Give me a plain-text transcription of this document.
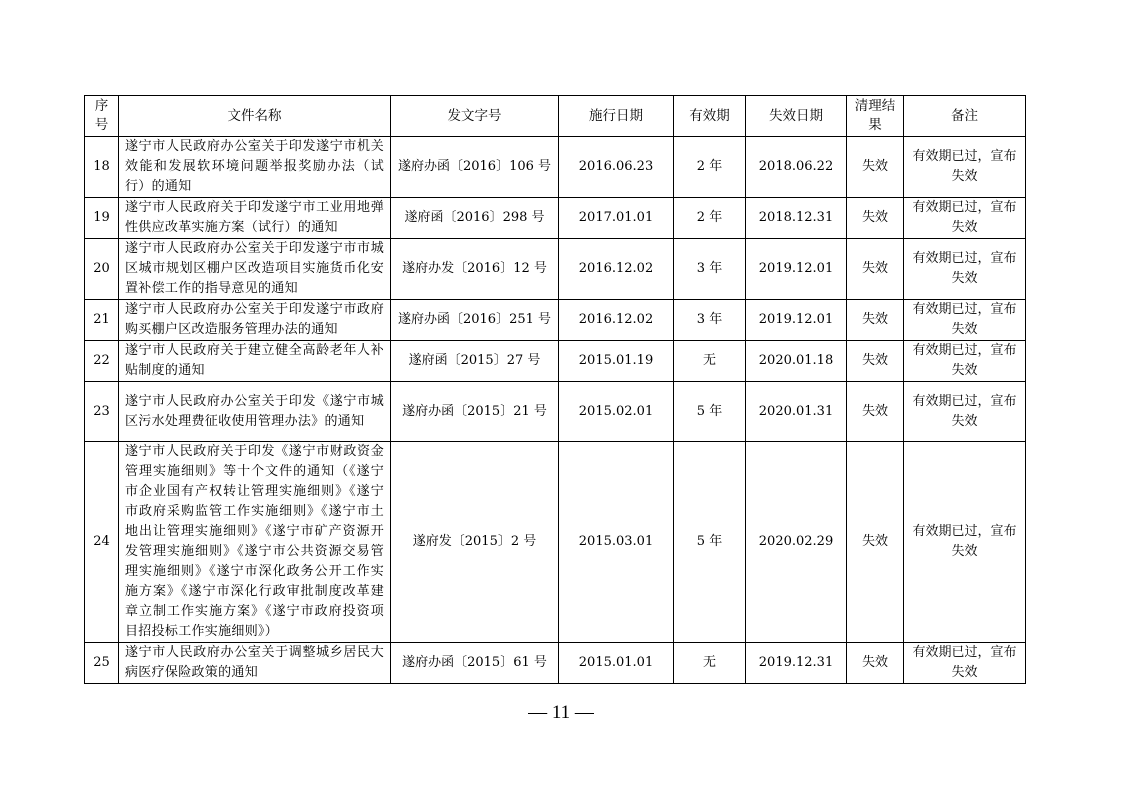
序号	文件名称	发文字号	施行日期	有效期	失效日期	清理结果	备注
18	遂宁市人民政府办公室关于印发遂宁市机关效能和发展软环境问题举报奖励办法（试行）的通知	遂府办函〔2016〕106 号	2016.06.23	2 年	2018.06.22	失效	有效期已过，宣布失效
19	遂宁市人民政府关于印发遂宁市工业用地弹性供应改革实施方案（试行）的通知	遂府函〔2016〕298 号	2017.01.01	2 年	2018.12.31	失效	有效期已过，宣布失效
20	遂宁市人民政府办公室关于印发遂宁市市城区城市规划区棚户区改造项目实施货币化安置补偿工作的指导意见的通知	遂府办发〔2016〕12 号	2016.12.02	3 年	2019.12.01	失效	有效期已过，宣布失效
21	遂宁市人民政府办公室关于印发遂宁市政府购买棚户区改造服务管理办法的通知	遂府办函〔2016〕251 号	2016.12.02	3 年	2019.12.01	失效	有效期已过，宣布失效
22	遂宁市人民政府关于建立健全高龄老年人补贴制度的通知	遂府函〔2015〕27 号	2015.01.19	无	2020.01.18	失效	有效期已过，宣布失效
23	遂宁市人民政府办公室关于印发《遂宁市城区污水处理费征收使用管理办法》的通知	遂府办函〔2015〕21 号	2015.02.01	5 年	2020.01.31	失效	有效期已过，宣布失效
24	遂宁市人民政府关于印发《遂宁市财政资金管理实施细则》等十个文件的通知（《遂宁市企业国有产权转让管理实施细则》《遂宁市政府采购监管工作实施细则》《遂宁市土地出让管理实施细则》《遂宁市矿产资源开发管理实施细则》《遂宁市公共资源交易管理实施细则》《遂宁市深化政务公开工作实施方案》《遂宁市深化行政审批制度改革建章立制工作实施方案》《遂宁市政府投资项目招投标工作实施细则》）	遂府发〔2015〕2 号	2015.03.01	5 年	2020.02.29	失效	有效期已过，宣布失效
25	遂宁市人民政府办公室关于调整城乡居民大病医疗保险政策的通知	遂府办函〔2015〕61 号	2015.01.01	无	2019.12.31	失效	有效期已过，宣布失效
— 11 —
